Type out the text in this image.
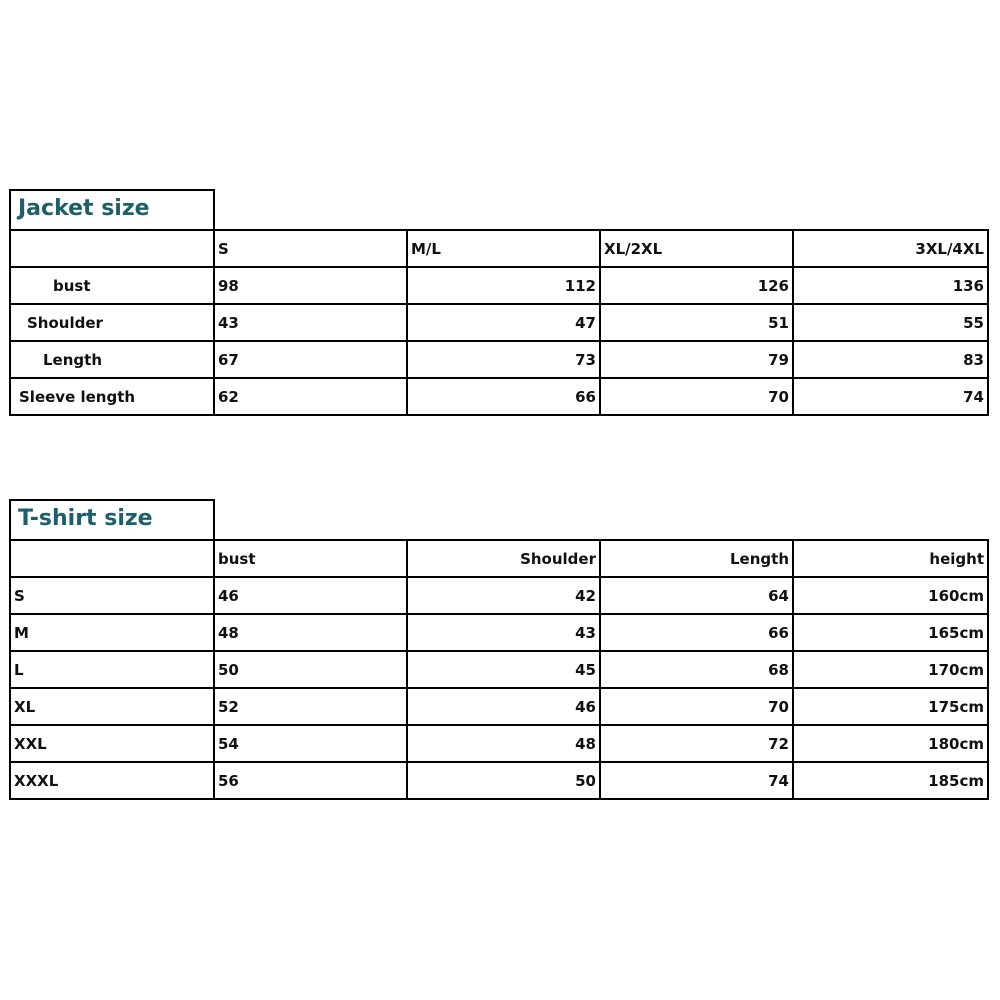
Jacket size
	S	M/L	XL/2XL	3XL/4XL
bust	98	112	126	136
Shoulder	43	47	51	55
Length	67	73	79	83
Sleeve length	62	66	70	74
T-shirt size
	bust	Shoulder	Length	height
S	46	42	64	160cm
M	48	43	66	165cm
L	50	45	68	170cm
XL	52	46	70	175cm
XXL	54	48	72	180cm
XXXL	56	50	74	185cm
